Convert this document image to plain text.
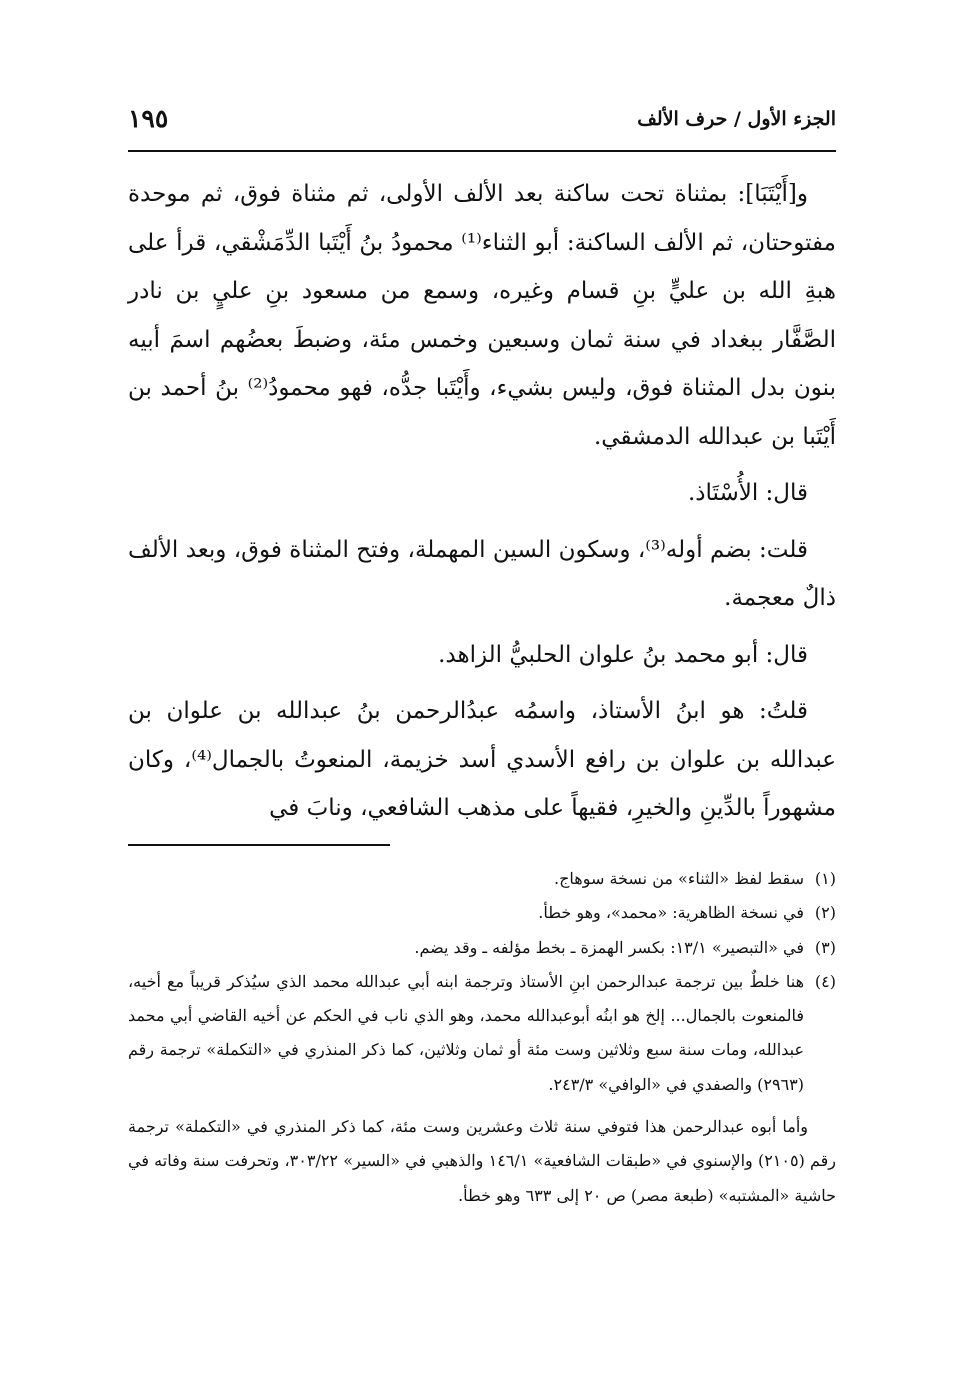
الجزء الأول / حرف الألف
١٩٥

و[أَيْتَبَا]: بمثناة تحت ساكنة بعد الألف الأولى، ثم مثناة فوق، ثم موحدة مفتوحتان، ثم الألف الساكنة: أبو الثناء⁽¹⁾ محمودُ بنُ أَيْتَبا الدِّمَشْقي، قرأ على هبةِ الله بن عليٍّ بنِ قسام وغيره، وسمع من مسعود بنِ عليٍ بن نادر الصَّفَّار ببغداد في سنة ثمان وسبعين وخمس مئة، وضبطَ بعضُهم اسمَ أبيه بنون بدل المثناة فوق، وليس بشيء، وأَيْتَبا جدُّه، فهو محمودُ⁽²⁾ بنُ أحمد بن أَيْتَبا بن عبدالله الدمشقي.

قال: الأُسْتَاذ.

قلت: بضم أوله⁽³⁾، وسكون السين المهملة، وفتح المثناة فوق، وبعد الألف ذالٌ معجمة.

قال: أبو محمد بنُ علوان الحلبيُّ الزاهد.

قلتُ: هو ابنُ الأستاذ، واسمُه عبدُالرحمن بنُ عبدالله بن علوان بن عبدالله بن علوان بن رافع الأسدي أسد خزيمة، المنعوتُ بالجمال⁽⁴⁾، وكان مشهوراً بالدِّينِ والخيرِ، فقيهاً على مذهب الشافعي، ونابَ في

(١)
سقط لفظ «الثناء» من نسخة سوهاج.
(٢)
في نسخة الظاهرية: «محمد»، وهو خطأ.
(٣)
في «التبصير» ١٣/١: بكسر الهمزة ـ بخط مؤلفه ـ وقد يضم.
(٤)
هنا خلطٌ بين ترجمة عبدالرحمن ابنِ الأستاذ وترجمة ابنه أبي عبدالله محمد الذي سيُذكر قريباً مع أخيه، فالمنعوت بالجمال... إلخ هو ابنُه أبوعبدالله محمد، وهو الذي ناب في الحكم عن أخيه القاضي أبي محمد عبدالله، ومات سنة سبع وثلاثين وست مئة أو ثمان وثلاثين، كما ذكر المنذري في «التكملة» ترجمة رقم (٢٩٦٣) والصفدي في «الوافي» ٢٤٣/٣.

وأما أبوه عبدالرحمن هذا فتوفي سنة ثلاث وعشرين وست مئة، كما ذكر المنذري في «التكملة» ترجمة رقم (٢١٠٥) والإسنوي في «طبقات الشافعية» ١٤٦/١ والذهبي في «السير» ٣٠٣/٢٢، وتحرفت سنة وفاته في حاشية «المشتبه» (طبعة مصر) ص ٢٠ إلى ٦٣٣ وهو خطأ.
